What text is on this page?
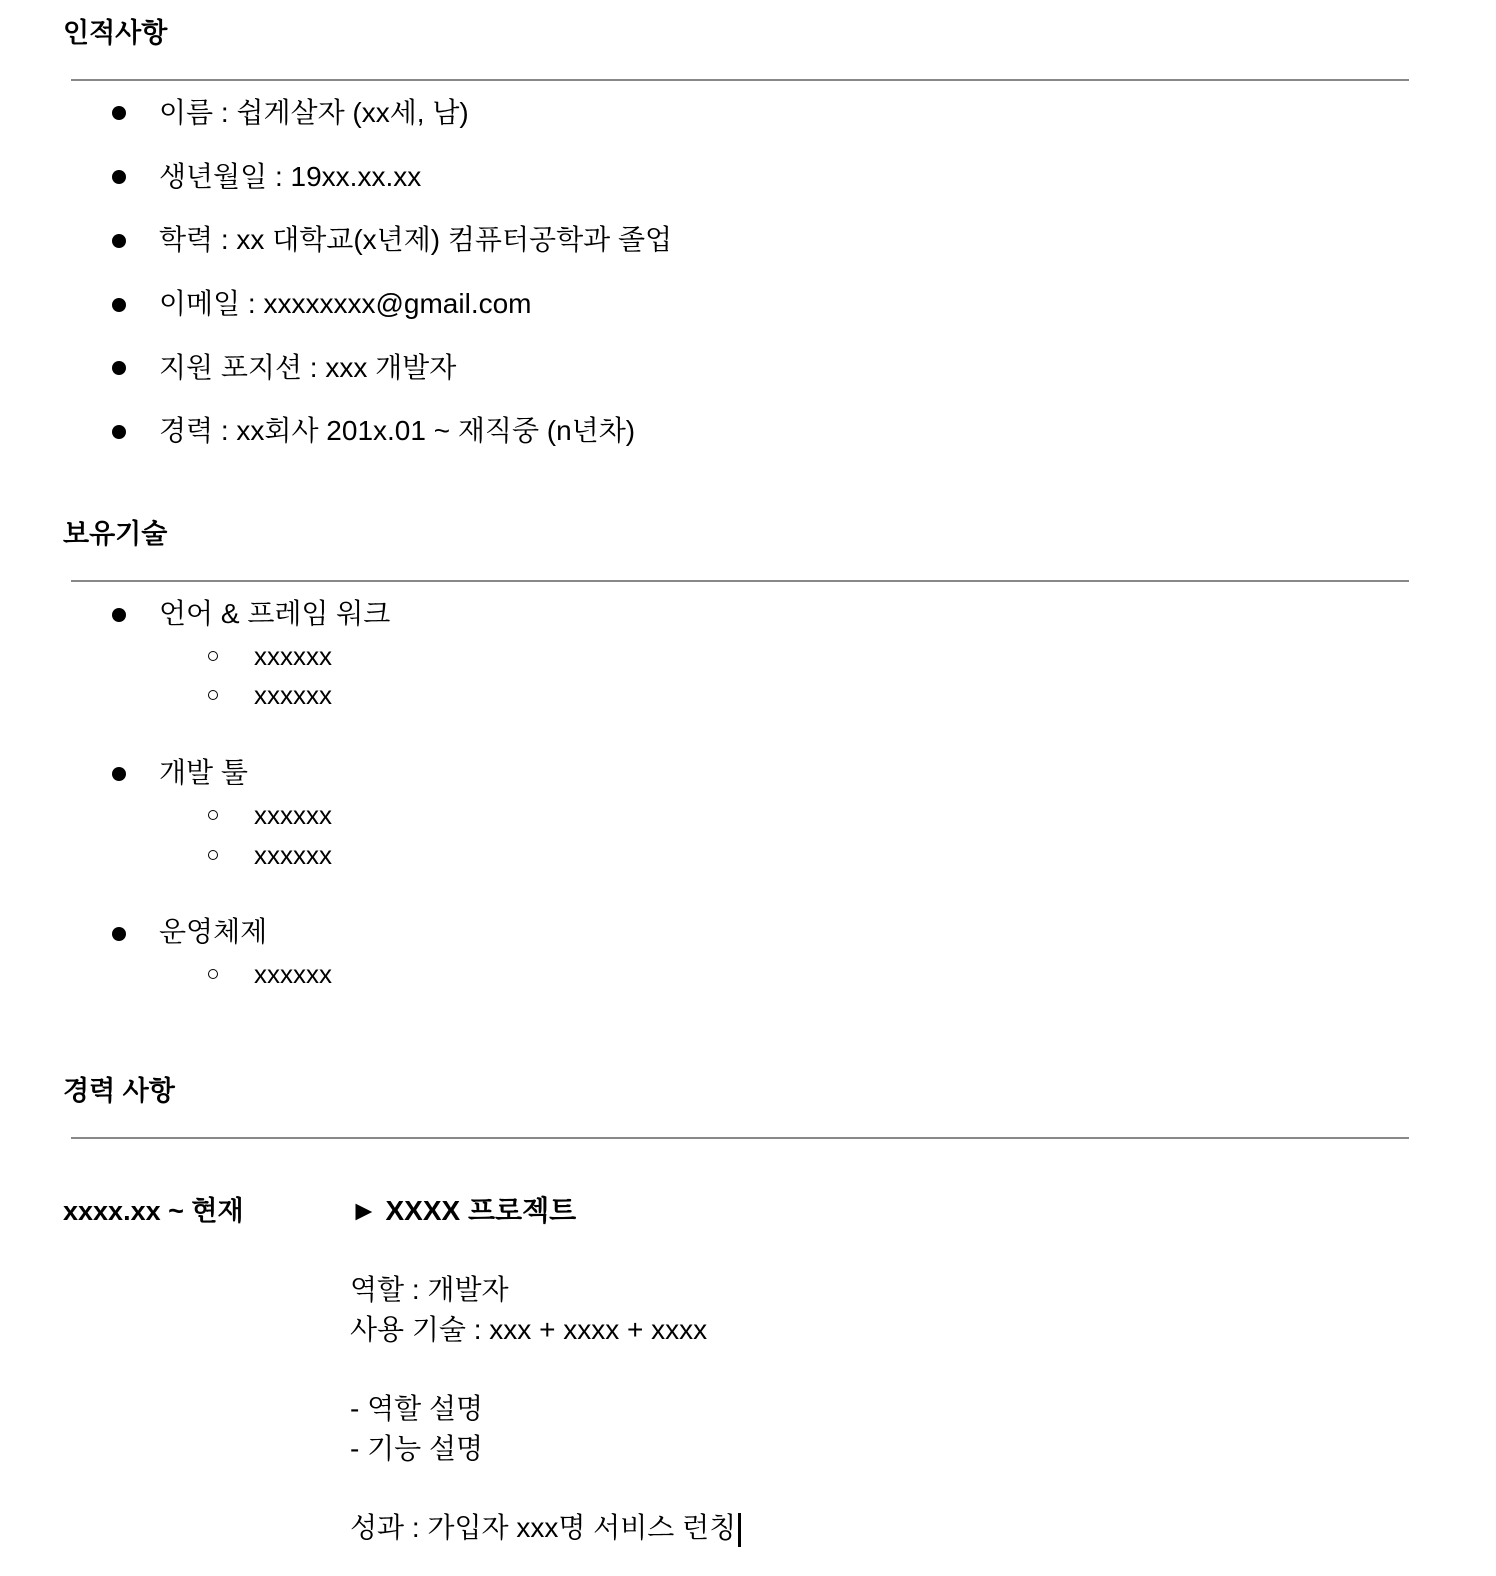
인적사항
이름 : 쉽게살자 (xx세, 남)
생년월일 : 19xx.xx.xx
학력 : xx 대학교(x년제) 컴퓨터공학과 졸업
이메일 : xxxxxxxx@gmail.com
지원 포지션 : xxx 개발자
경력 : xx회사 201x.01 ~ 재직중 (n년차)
보유기술
언어 & 프레임 워크
xxxxxx
xxxxxx
개발 툴
xxxxxx
xxxxxx
운영체제
xxxxxx
경력 사항
xxxx.xx ~ 현재	► XXXX 프로젝트
역할 : 개발자
사용 기술 : xxx + xxxx + xxxx
- 역할 설명
- 기능 설명
성과 : 가입자 xxx명 서비스 런칭
